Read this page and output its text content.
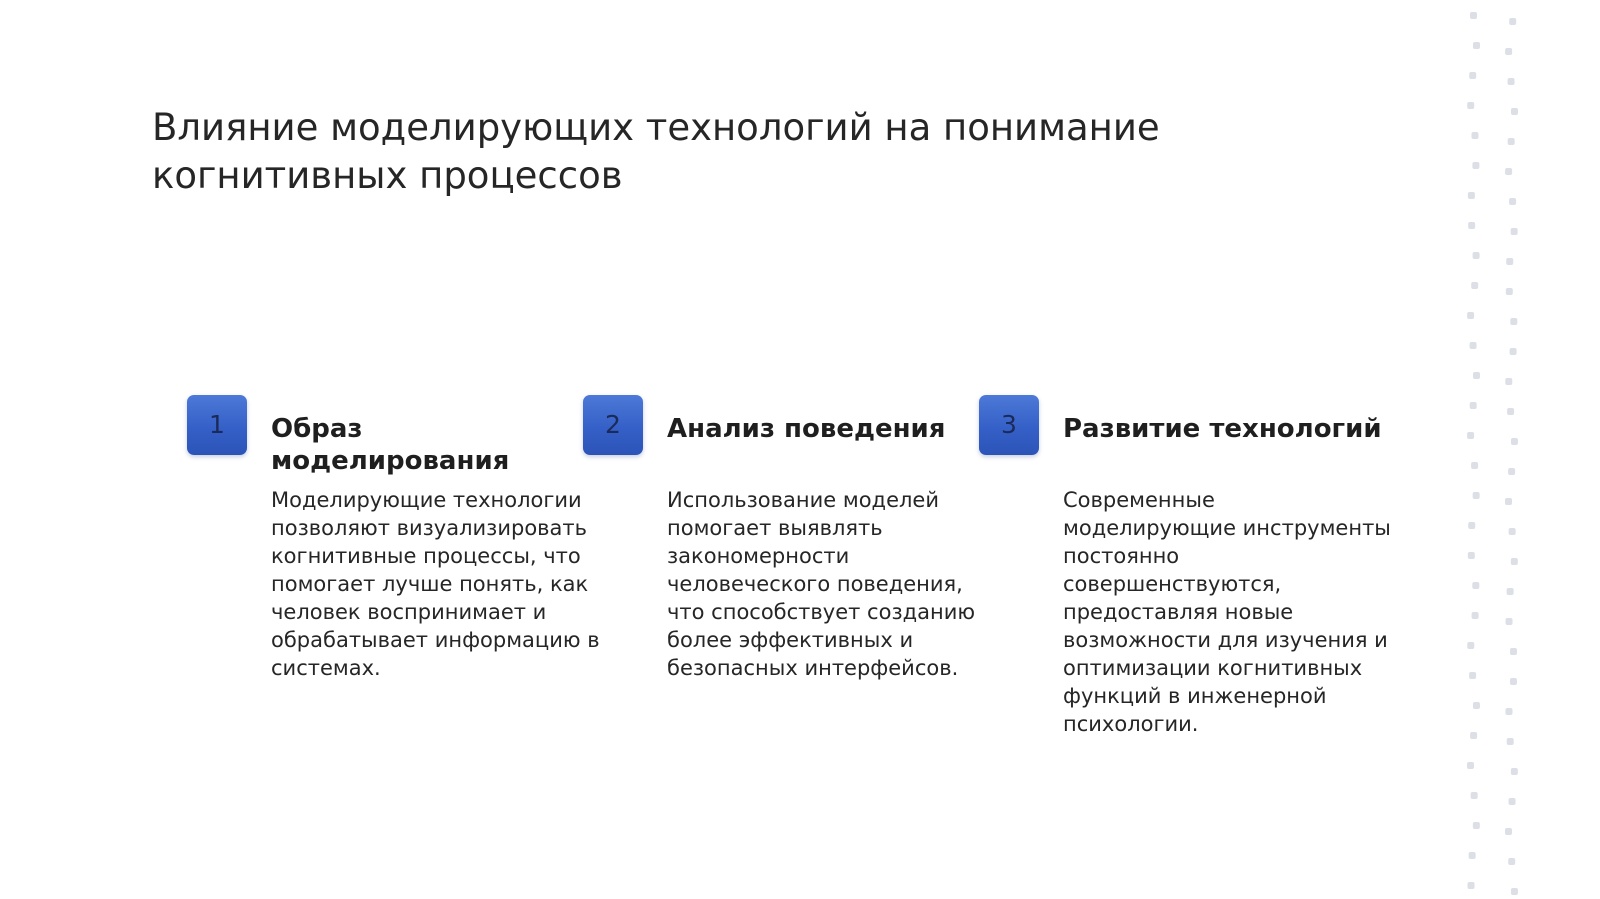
Влияние моделирующих технологий на понимание когнитивных процессов
1	Образ моделирования

Моделирующие технологии позволяют визуализировать когнитивные процессы, что помогает лучше понять, как человек воспринимает и обрабатывает информацию в системах.

2	Анализ поведения

Использование моделей помогает выявлять закономерности человеческого поведения, что способствует созданию более эффективных и безопасных интерфейсов.

3	Развитие технологий

Современные моделирующие инструменты постоянно совершенствуются, предоставляя новые возможности для изучения и оптимизации когнитивных функций в инженерной психологии.
